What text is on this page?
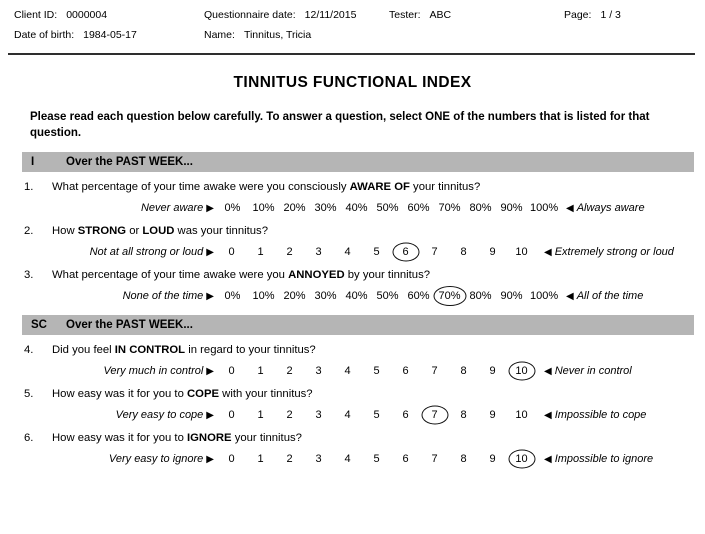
Client ID: 0000004	Questionnaire date: 12/11/2015	Tester: ABC	Page: 1 / 3
Date of birth: 1984-05-17	Name: Tinnitus, Tricia
TINNITUS FUNCTIONAL INDEX
Please read each question below carefully. To answer a question, select ONE of the numbers that is listed for that question.
I	Over the PAST WEEK...
1.	What percentage of your time awake were you consciously AWARE OF your tinnitus?
Never aware ▶ 0%	10% 20% 30% 40% 50% 60% 70% 80% 90% 100% ◀ Always aware
2.	How STRONG or LOUD was your tinnitus?
Not at all strong or loud ▶	0	1	2	3	4	5	6	7	8	9	10	◀ Extremely strong or loud
3.	What percentage of your time awake were you ANNOYED by your tinnitus?
None of the time ▶ 0%	10% 20% 30% 40% 50% 60% 70% 80% 90% 100% ◀ All of the time
SC	Over the PAST WEEK...
4.	Did you feel IN CONTROL in regard to your tinnitus?
Very much in control ▶	0	1	2	3	4	5	6	7	8	9	10	◀ Never in control
5.	How easy was it for you to COPE with your tinnitus?
Very easy to cope ▶	0	1	2	3	4	5	6	7	8	9	10	◀ Impossible to cope
6.	How easy was it for you to IGNORE your tinnitus?
Very easy to ignore ▶	0	1	2	3	4	5	6	7	8	9	10	◀ Impossible to ignore
